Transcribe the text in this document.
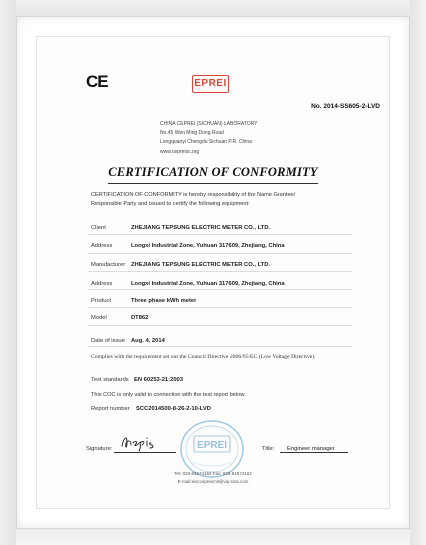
CE	EPREI
No. 2014-SS605-2-LVD
CHINA CEPREI (SICHUAN) LABORATORY
No.45 Wen Ming Dong Road
Longquanyi Chengdu Sichuan P.R. China
www.cepreisc.org
CERTIFICATION OF CONFORMITY
CERTIFICATION OF CONFORMITY is hereby responsibility of the Name Grantee/
Responsible Party and issued to certify the following equipment:
Client	ZHEJIANG TEPSUNG ELECTRIC METER CO., LTD.
Address	Longxi Industrial Zone, Yuhuan 317609, Zhejiang, China
Manufacturer ZHEJIANG TEPSUNG ELECTRIC METER CO., LTD.
Address	Longxi Industrial Zone, Yuhuan 317609, Zhejiang, China
Product	Three phase kWh meter
Model	DT862
Date of issue Aug. 4, 2014
Complies with the requirement set out the Council Directive 2006/95/EC (Low Voltage Directive).
Test standards EN 60253-21:2003
This COC is only valid in connection with the test report below:
Report number SCC2014500-8-26-2-10-LVD
Signature:	EPREI	Title: Engineer manager
Tel: 028-84674162 Fax: 028-84674162
E-mail:eisccepreicnit@vip.sina.com
